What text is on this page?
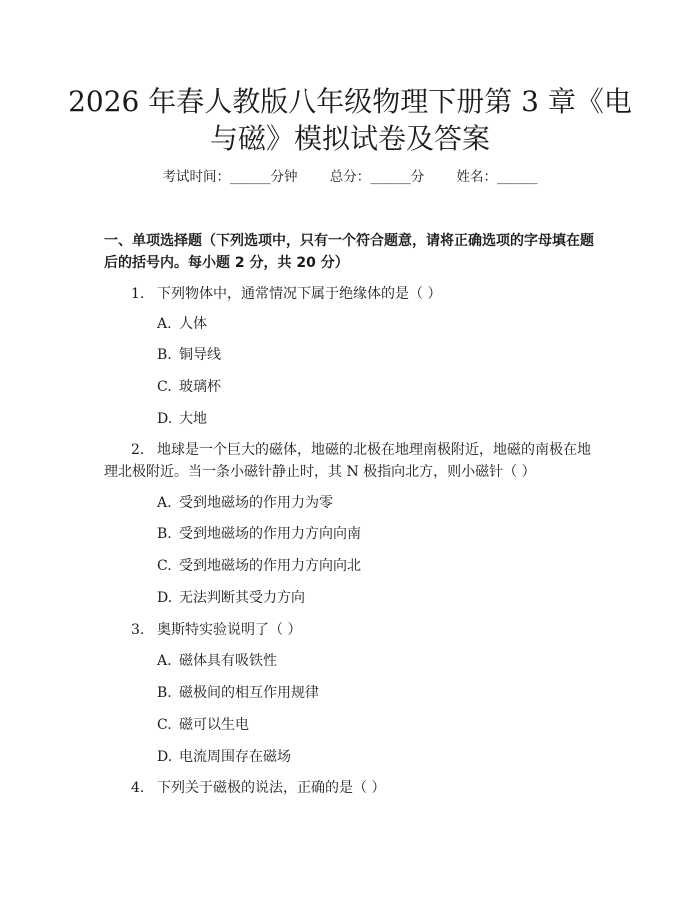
2026 年春人教版八年级物理下册第 3 章《电
与磁》模拟试卷及答案
考试时间：______分钟 总分：______分 姓名：______
一、单项选择题（下列选项中，只有一个符合题意，请将正确选项的字母填在题后的括号内。每小题 2 分，共 20 分）
1. 下列物体中，通常情况下属于绝缘体的是（ ）
A. 人体
B. 铜导线
C. 玻璃杯
D. 大地
2. 地球是一个巨大的磁体，地磁的北极在地理南极附近，地磁的南极在地理北极附近。当一条小磁针静止时，其 N 极指向北方，则小磁针（ ）
A. 受到地磁场的作用力为零
B. 受到地磁场的作用力方向向南
C. 受到地磁场的作用力方向向北
D. 无法判断其受力方向
3. 奥斯特实验说明了（ ）
A. 磁体具有吸铁性
B. 磁极间的相互作用规律
C. 磁可以生电
D. 电流周围存在磁场
4. 下列关于磁极的说法，正确的是（ ）
